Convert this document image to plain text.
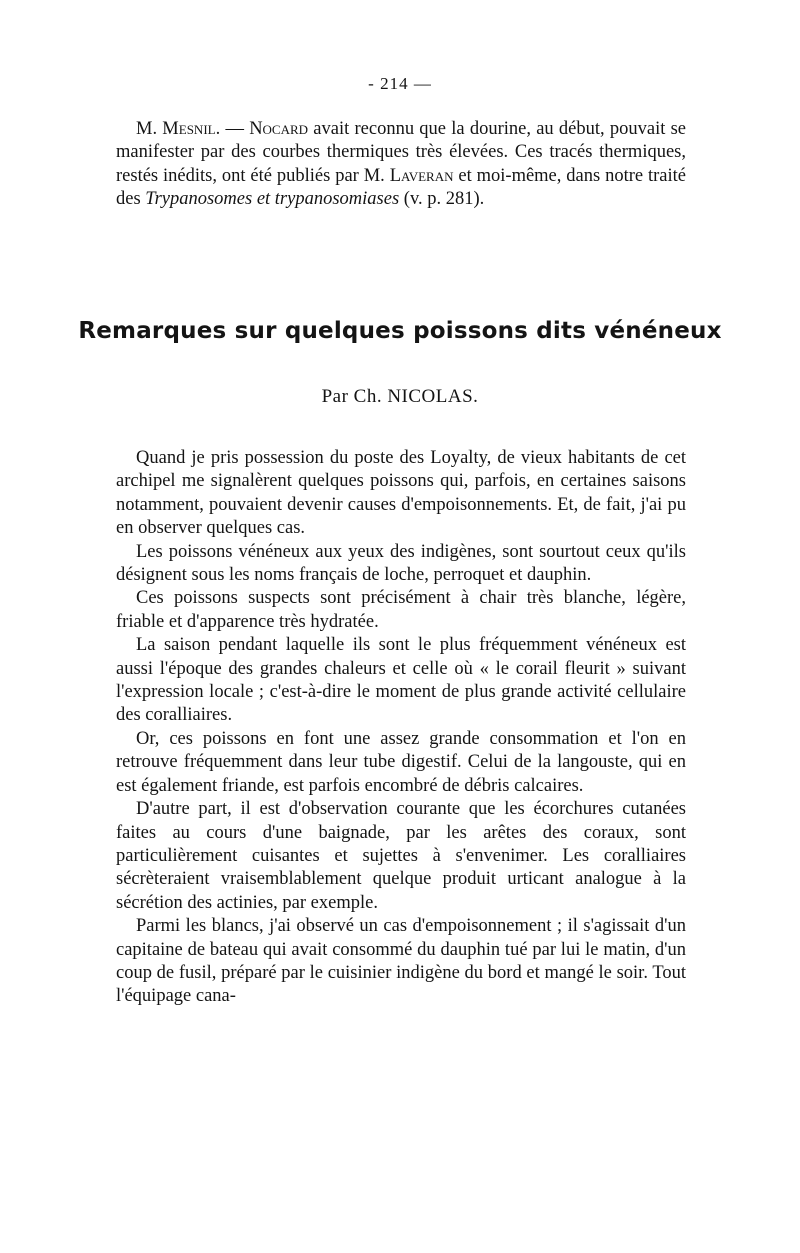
- 214 —

M. Mesnil. — Nocard avait reconnu que la dourine, au début, pouvait se manifester par des courbes thermiques très élevées. Ces tracés thermiques, restés inédits, ont été publiés par M. Laveran et moi-même, dans notre traité des Trypanosomes et trypanosomiases (v. p. 281).

Remarques sur quelques poissons dits vénéneux
Par Ch. NICOLAS.

Quand je pris possession du poste des Loyalty, de vieux habitants de cet archipel me signalèrent quelques poissons qui, parfois, en certaines saisons notamment, pouvaient devenir causes d'empoisonnements. Et, de fait, j'ai pu en observer quelques cas.

Les poissons vénéneux aux yeux des indigènes, sont sourtout ceux qu'ils désignent sous les noms français de loche, perroquet et dauphin.

Ces poissons suspects sont précisément à chair très blanche, légère, friable et d'apparence très hydratée.

La saison pendant laquelle ils sont le plus fréquemment vénéneux est aussi l'époque des grandes chaleurs et celle où « le corail fleurit » suivant l'expression locale ; c'est-à-dire le moment de plus grande activité cellulaire des coralliaires.

Or, ces poissons en font une assez grande consommation et l'on en retrouve fréquemment dans leur tube digestif. Celui de la langouste, qui en est également friande, est parfois encombré de débris calcaires.

D'autre part, il est d'observation courante que les écorchures cutanées faites au cours d'une baignade, par les arêtes des coraux, sont particulièrement cuisantes et sujettes à s'envenimer. Les coralliaires sécrèteraient vraisemblablement quelque produit urticant analogue à la sécrétion des actinies, par exemple.

Parmi les blancs, j'ai observé un cas d'empoisonnement ; il s'agissait d'un capitaine de bateau qui avait consommé du dauphin tué par lui le matin, d'un coup de fusil, préparé par le cuisinier indigène du bord et mangé le soir. Tout l'équipage cana-
